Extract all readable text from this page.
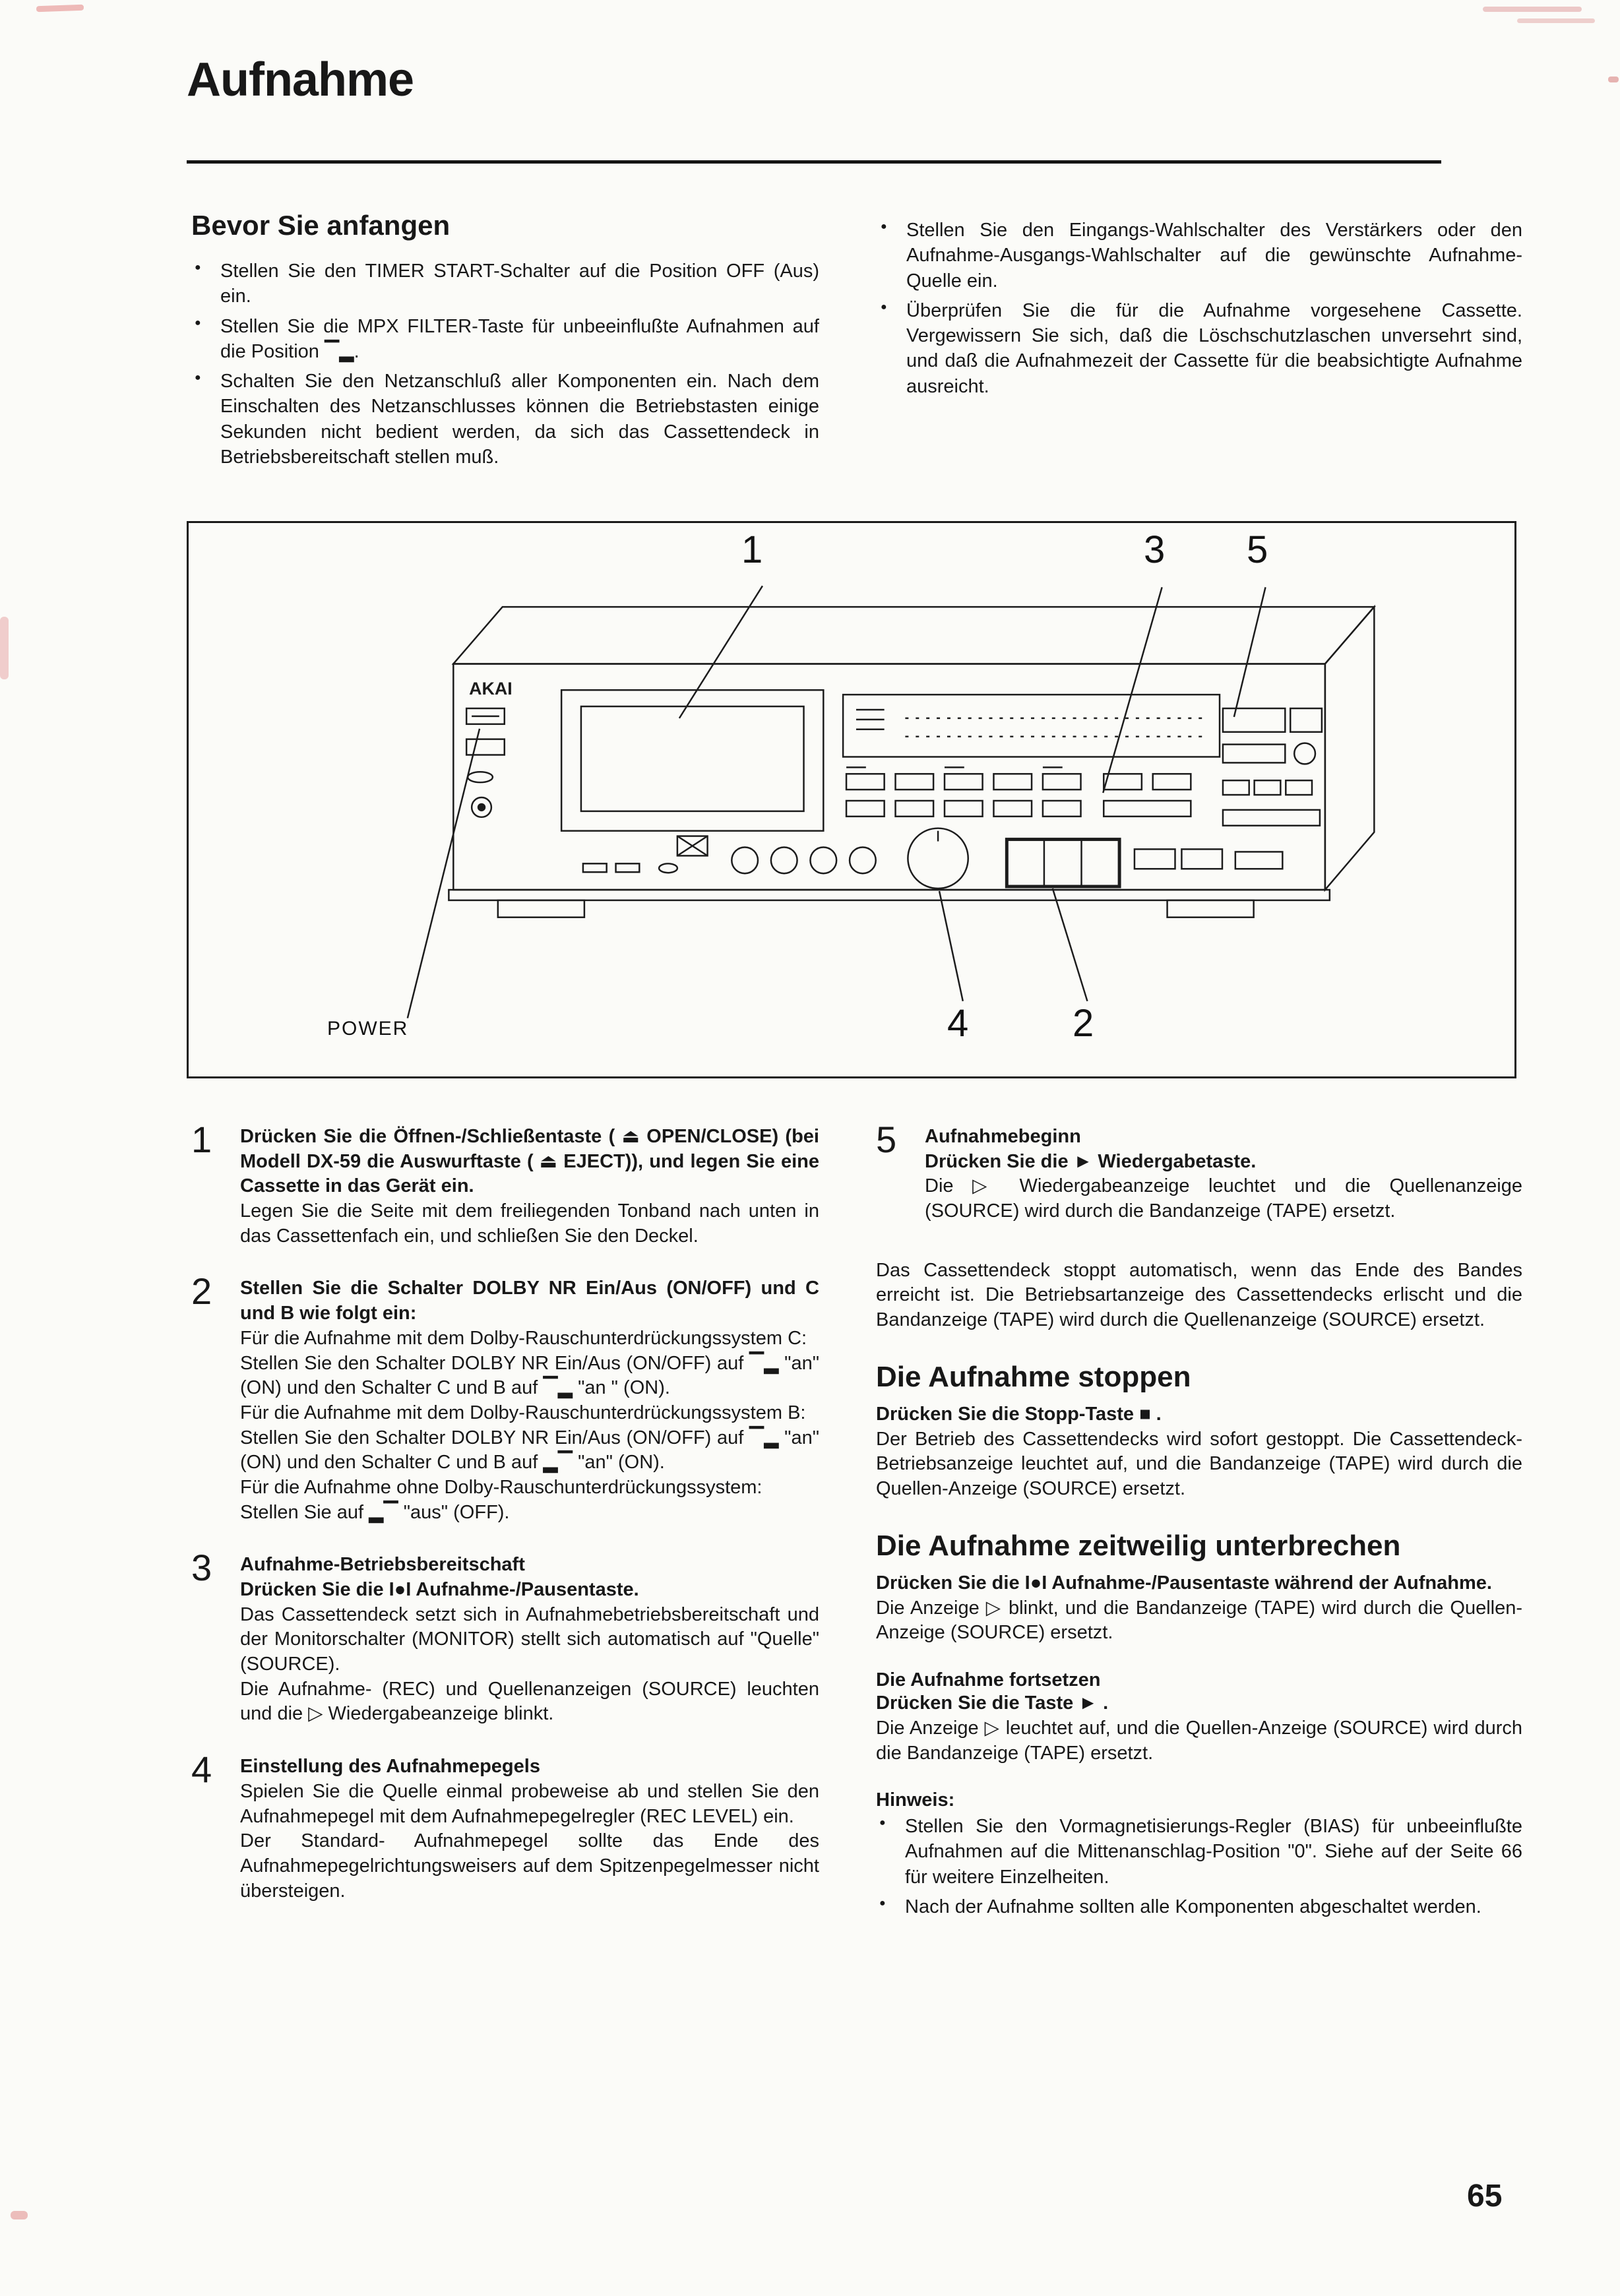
Aufnahme
Bevor Sie anfangen
● Stellen Sie den TIMER START-Schalter auf die Position OFF (Aus) ein.
● Stellen Sie die MPX FILTER-Taste für unbeeinflußte Aufnahmen auf die Position ▔▂.
● Schalten Sie den Netzanschluß aller Komponenten ein. Nach dem Einschalten des Netzanschlusses können die Betriebstasten einige Sekunden nicht bedient werden, da sich das Cassettendeck in Betriebsbereitschaft stellen muß.
● Stellen Sie den Eingangs-Wahlschalter des Verstärkers oder den Aufnahme-Ausgangs-Wahlschalter auf die gewünschte Aufnahme-Quelle ein.
● Überprüfen Sie die für die Aufnahme vorgesehene Cassette. Vergewissern Sie sich, daß die Löschschutzlaschen unversehrt sind, und daß die Aufnahmezeit der Cassette für die beabsichtigte Aufnahme ausreicht.
AKAI
1	3 5
4	2
POWER
1	Drücken Sie die Öffnen-/Schließentaste ( ⏏ OPEN/CLOSE) (bei Modell DX-59 die Auswurftaste ( ⏏ EJECT)), und legen Sie eine Cassette in das Gerät ein.

Legen Sie die Seite mit dem freiliegenden Tonband nach unten in das Cassettenfach ein, und schließen Sie den Deckel.

2	Stellen Sie die Schalter DOLBY NR Ein/Aus (ON/OFF) und C und B wie folgt ein:

Für die Aufnahme mit dem Dolby-Rauschunterdrückungssystem C:

Stellen Sie den Schalter DOLBY NR Ein/Aus (ON/OFF) auf ▔▂ "an" (ON) und den Schalter C und B auf ▔▂ "an " (ON).

Für die Aufnahme mit dem Dolby-Rauschunterdrückungssystem B:

Stellen Sie den Schalter DOLBY NR Ein/Aus (ON/OFF) auf ▔▂ "an" (ON) und den Schalter C und B auf ▂▔ "an" (ON).

Für die Aufnahme ohne Dolby-Rauschunterdrückungssystem:

Stellen Sie auf ▂▔ "aus" (OFF).

3	Aufnahme-Betriebsbereitschaft

Drücken Sie die I●I Aufnahme-/Pausentaste.

Das Cassettendeck setzt sich in Aufnahmebetriebsbereitschaft und der Monitorschalter (MONITOR) stellt sich automatisch auf "Quelle" (SOURCE).

Die Aufnahme- (REC) und Quellenanzeigen (SOURCE) leuchten und die ▷ Wiedergabeanzeige blinkt.

4	Einstellung des Aufnahmepegels

Spielen Sie die Quelle einmal probeweise ab und stellen Sie den Aufnahmepegel mit dem Aufnahmepegelregler (REC LEVEL) ein.

Der Standard- Aufnahmepegel sollte das Ende des Aufnahmepegelrichtungsweisers auf dem Spitzenpegelmesser nicht übersteigen.

5	Aufnahmebeginn

Drücken Sie die ► Wiedergabetaste.

Die ▷ Wiedergabeanzeige leuchtet und die Quellenanzeige (SOURCE) wird durch die Bandanzeige (TAPE) ersetzt.

Das Cassettendeck stoppt automatisch, wenn das Ende des Bandes erreicht ist. Die Betriebsartanzeige des Cassettendecks erlischt und die Bandanzeige (TAPE) wird durch die Quellenanzeige (SOURCE) ersetzt.

Die Aufnahme stoppen

Drücken Sie die Stopp-Taste ■ .

Der Betrieb des Cassettendecks wird sofort gestoppt. Die Cassettendeck-Betriebsanzeige leuchtet auf, und die Bandanzeige (TAPE) wird durch die Quellen-Anzeige (SOURCE) ersetzt.

Die Aufnahme zeitweilig unterbrechen

Drücken Sie die I●I Aufnahme-/Pausentaste während der Aufnahme.

Die Anzeige ▷ blinkt, und die Bandanzeige (TAPE) wird durch die Quellen-Anzeige (SOURCE) ersetzt.

Die Aufnahme fortsetzen

Drücken Sie die Taste ► .

Die Anzeige ▷ leuchtet auf, und die Quellen-Anzeige (SOURCE) wird durch die Bandanzeige (TAPE) ersetzt.

Hinweis:

● Stellen Sie den Vormagnetisierungs-Regler (BIAS) für unbeeinflußte Aufnahmen auf die Mittenanschlag-Position "0". Siehe auf der Seite 66 für weitere Einzelheiten.
● Nach der Aufnahme sollten alle Komponenten abgeschaltet werden.
65
